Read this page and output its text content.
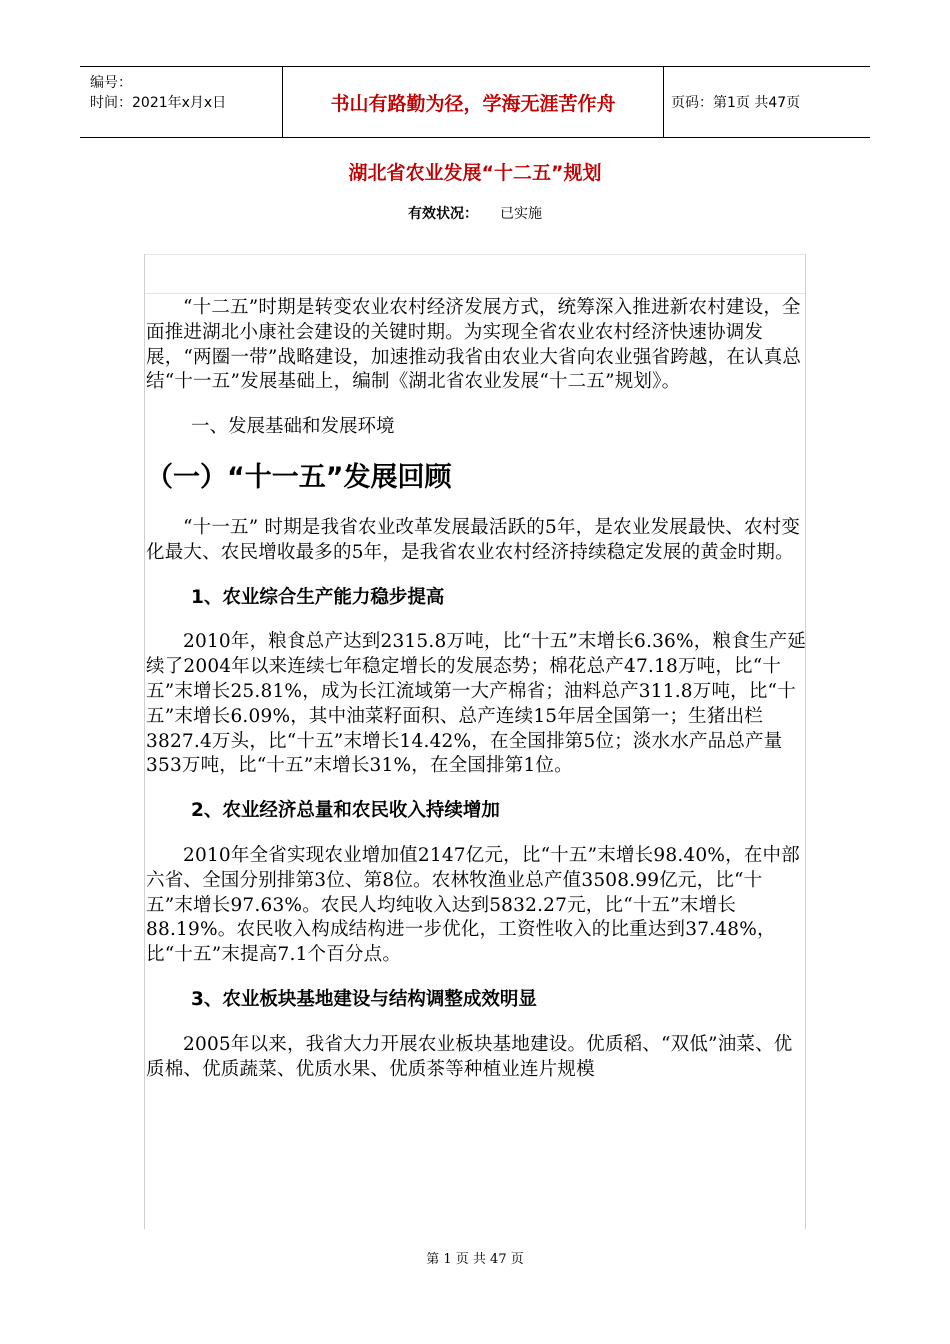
编号：
时间：2021年x月x日	书山有路勤为径，学海无涯苦作舟	页码：第1页 共47页
湖北省农业发展“十二五”规划
有效状况： 已实施

“十二五”时期是转变农业农村经济发展方式，统筹深入推进新农村建设，全面推进湖北小康社会建设的关键时期。为实现全省农业农村经济快速协调发展，“两圈一带”战略建设，加速推动我省由农业大省向农业强省跨越，在认真总结“十一五”发展基础上，编制《湖北省农业发展“十二五”规划》。

一、发展基础和发展环境

（一）“十一五”发展回顾

“十一五” 时期是我省农业改革发展最活跃的5年，是农业发展最快、农村变化最大、农民增收最多的5年，是我省农业农村经济持续稳定发展的黄金时期。

1、农业综合生产能力稳步提高

2010年，粮食总产达到2315.8万吨，比“十五”末增长6.36%，粮食生产延续了2004年以来连续七年稳定增长的发展态势；棉花总产47.18万吨，比“十五”末增长25.81%，成为长江流域第一大产棉省；油料总产311.8万吨，比“十五”末增长6.09%，其中油菜籽面积、总产连续15年居全国第一；生猪出栏3827.4万头，比“十五”末增长14.42%，在全国排第5位；淡水水产品总产量353万吨，比“十五”末增长31%，在全国排第1位。

2、农业经济总量和农民收入持续增加

2010年全省实现农业增加值2147亿元，比“十五”末增长98.40%，在中部六省、全国分别排第3位、第8位。农林牧渔业总产值3508.99亿元，比“十五”末增长97.63%。农民人均纯收入达到5832.27元，比“十五”末增长88.19%。农民收入构成结构进一步优化，工资性收入的比重达到37.48%，比“十五”末提高7.1个百分点。

3、农业板块基地建设与结构调整成效明显

2005年以来，我省大力开展农业板块基地建设。优质稻、“双低”油菜、优质棉、优质蔬菜、优质水果、优质茶等种植业连片规模

第 1 页 共 47 页
